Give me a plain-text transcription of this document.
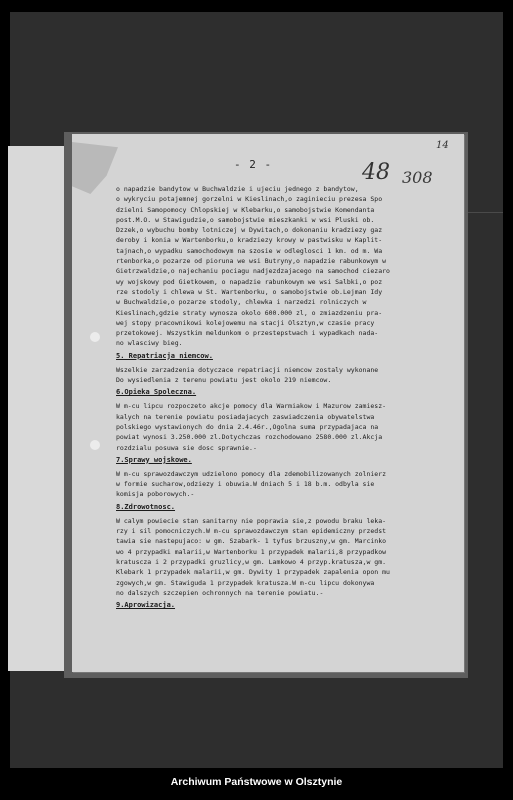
- 2 -	48 308
14
o napadzie bandytow w Buchwaldzie i ujeciu jednego z bandytow,
o wykryciu potajemnej gorzelni w Kieslinach,o zaginieciu prezesa Spo
dzielni Samopomocy Chlopskiej w Klebarku,o samobojstwie Komendanta
post.M.O. w Stawigudzie,o samobojstwie mieszkanki w wsi Pluski ob.
Dzzek,o wybuchu bomby lotniczej w Dywitach,o dokonaniu kradziezy gaz
deroby i konia w Wartenborku,o kradziezy krowy w pastwisku w Kaplit-
tajnach,o wypadku samochodowym na szosie w odleglosci 1 km. od m. Wa
rtenborka,o pozarze od pioruna we wsi Butryny,o napadzie rabunkowym w
Gietrzwaldzie,o najechaniu pociagu nadjezdzajacego na samochod ciezaro
wy wojskowy pod Gietkowem, o napadzie rabunkowym we wsi Salbki,o poz
rze stodoly i chlewa w St. Wartenborku, o samobojstwie ob.Lejman Idy
w Buchwaldzie,o pozarze stodoly, chlewka i narzedzi rolniczych w
Kieslinach,gdzie straty wynosza okolo 600.000 zl, o zmiazdzeniu pra-
wej stopy pracownikowi kolejowemu na stacji Olsztyn,w czasie pracy
przetokowej. Wszystkim meldunkom o przestepstwach i wypadkach nada-
no wlasciwy bieg.
5. Repatriacja niemcow.
Wszelkie zarzadzenia dotyczace repatriacji niemcow zostaly wykonane
Do wysiedlenia z terenu powiatu jest okolo 219 niemcow.
6.Opieka Spoleczna.
W m-cu lipcu rozpoczeto akcje pomocy dla Warmiakow i Mazurow zamiesz-
kalych na terenie powiatu posiadajacych zaswiadczenia obywatelstwa
polskiego wystawionych do dnia 2.4.46r.,Ogolna suma przypadajaca na
powiat wynosi 3.250.000 zl.Dotychczas rozchodowano 2580.000 zl.Akcja
rozdzialu posuwa sie dosc sprawnie.-
7.Sprawy wojskowe.
W m-cu sprawozdawczym udzielono pomocy dla zdemobilizowanych zolnierz
w formie sucharow,odziezy i obuwia.W dniach 5 i 18 b.m. odbyla sie
komisja poborowych.-
8.Zdrowotnosc.
W calym powiecie stan sanitarny nie poprawia sie,z powodu braku leka-
rzy i sil pomocniczych.W m-cu sprawozdawczym stan epidemiczny przedst
tawia sie nastepujaco: w gm. Szabark- 1 tyfus brzuszny,w gm. Marcinko
wo 4 przypadki malarii,w Wartenborku 1 przypadek malarii,8 przypadkow
kratuscza i 2 przypadki gruzlicy,w gm. Lamkowo 4 przyp.kratusza,w gm.
Klebark 1 przypadek malarii,w gm. Dywity 1 przypadek zapalenia opon mu
zgowych,w gm. Stawiguda 1 przypadek kratusza.W m-cu lipcu dokonywa
no dalszych szczepien ochronnych na terenie powiatu.-
9.Aprowizacja.
Archiwum Państwowe w Olsztynie
